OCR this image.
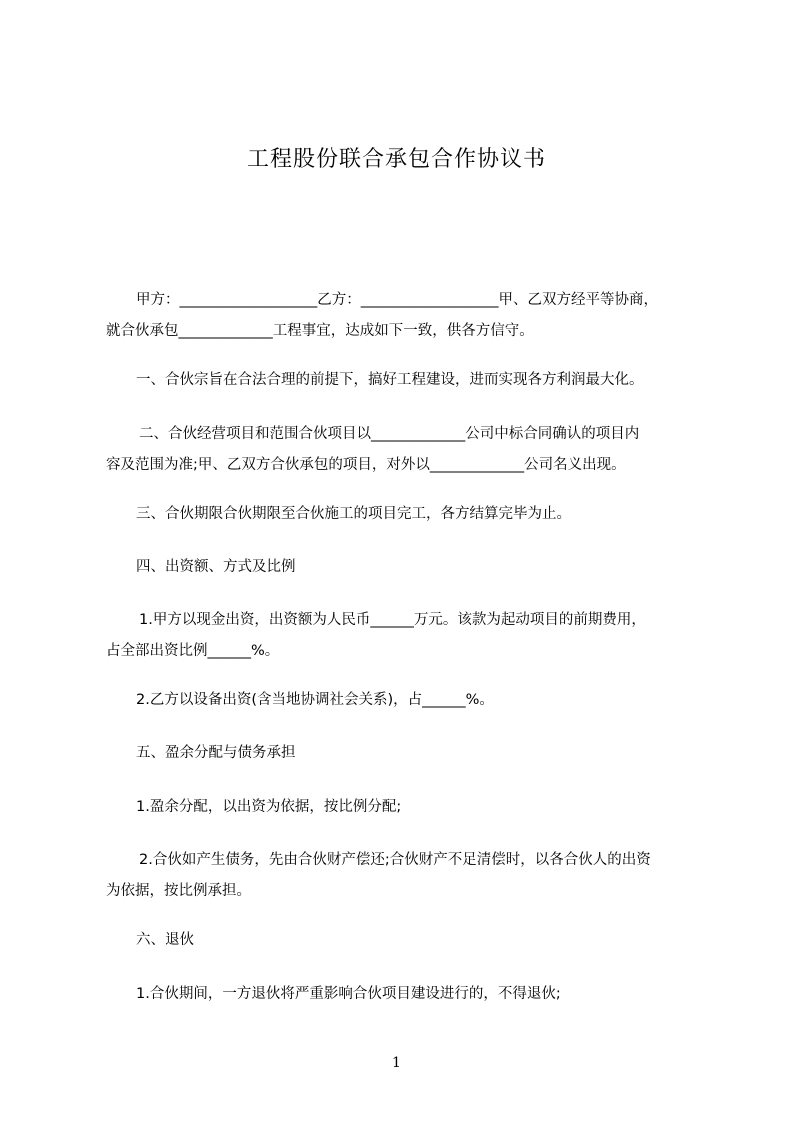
工程股份联合承包合作协议书
甲方：___________________乙方：___________________甲、乙双方经平等协商，
就合伙承包_____________工程事宜，达成如下一致，供各方信守。
一、合伙宗旨在合法合理的前提下，搞好工程建设，进而实现各方利润最大化。
二、合伙经营项目和范围合伙项目以_____________公司中标合同确认的项目内
容及范围为准;甲、乙双方合伙承包的项目，对外以_____________公司名义出现。
三、合伙期限合伙期限至合伙施工的项目完工，各方结算完毕为止。
四、出资额、方式及比例
1.甲方以现金出资，出资额为人民币______万元。该款为起动项目的前期费用，
占全部出资比例______%。
2.乙方以设备出资(含当地协调社会关系)，占______%。
五、盈余分配与债务承担
1.盈余分配，以出资为依据，按比例分配;
2.合伙如产生债务，先由合伙财产偿还;合伙财产不足清偿时，以各合伙人的出资
为依据，按比例承担。
六、退伙
1.合伙期间，一方退伙将严重影响合伙项目建设进行的，不得退伙;
1
